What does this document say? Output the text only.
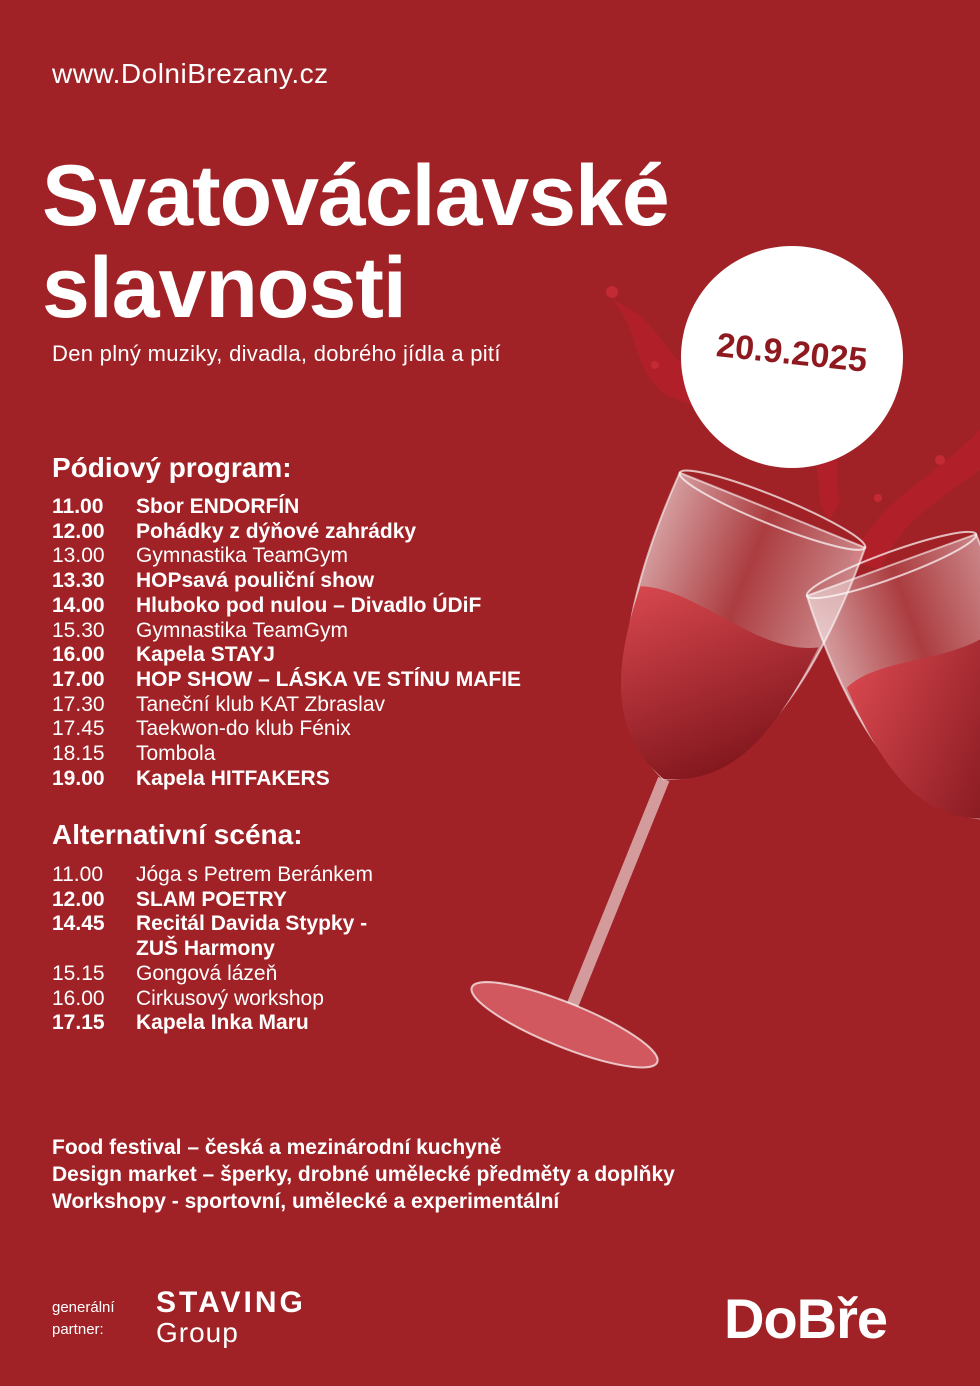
www.DolniBrezany.cz
Svatováclavské
slavnosti
Den plný muziky, divadla, dobrého jídla a pití	20.9.2025
Pódiový program:
11.00	Sbor ENDORFÍN
12.00	Pohádky z dýňové zahrádky
13.00	Gymnastika TeamGym
13.30	HOPsavá pouliční show
14.00	Hluboko pod nulou – Divadlo ÚDiF
15.30	Gymnastika TeamGym
16.00	Kapela STAYJ
17.00	HOP SHOW – LÁSKA VE STÍNU MAFIE
17.30	Taneční klub KAT Zbraslav
17.45	Taekwon-do klub Fénix
18.15	Tombola
19.00	Kapela HITFAKERS
Alternativní scéna:
11.00	Jóga s Petrem Beránkem
12.00	SLAM POETRY
14.45	Recitál Davida Stypky -
ZUŠ Harmony
15.15	Gongová lázeň
16.00	Cirkusový workshop
17.15	Kapela Inka Maru
Food festival – česká a mezinárodní kuchyně
Design market – šperky, drobné umělecké předměty a doplňky
Workshopy - sportovní, umělecké a experimentální
generální
partner:
STAVING
Group	DoBře
